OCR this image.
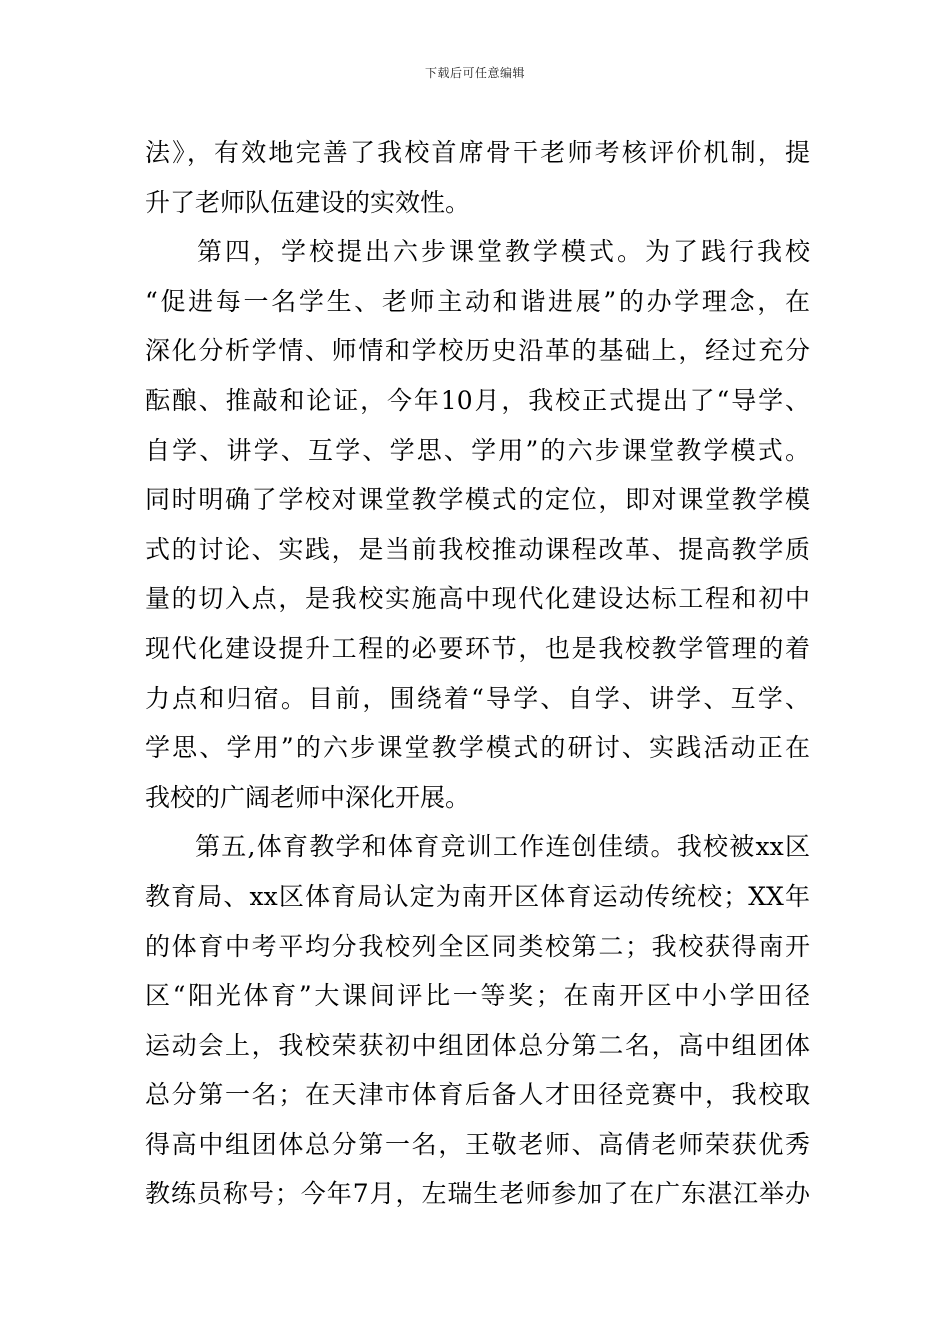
下载后可任意编辑
法》，有效地完善了我校首席骨干老师考核评价机制，提
升了老师队伍建设的实效性。
第四，学校提出六步课堂教学模式。为了践行我校
“促进每一名学生、老师主动和谐进展”的办学理念，在
深化分析学情、师情和学校历史沿革的基础上，经过充分
酝酿、推敲和论证，今年10月，我校正式提出了“导学、
自学、讲学、互学、学思、学用”的六步课堂教学模式。
同时明确了学校对课堂教学模式的定位，即对课堂教学模
式的讨论、实践，是当前我校推动课程改革、提高教学质
量的切入点，是我校实施高中现代化建设达标工程和初中
现代化建设提升工程的必要环节，也是我校教学管理的着
力点和归宿。目前，围绕着“导学、自学、讲学、互学、
学思、学用”的六步课堂教学模式的研讨、实践活动正在
我校的广阔老师中深化开展。
第五,体育教学和体育竞训工作连创佳绩。我校被xx区
教育局、xx区体育局认定为南开区体育运动传统校；XX年
的体育中考平均分我校列全区同类校第二；我校获得南开
区“阳光体育”大课间评比一等奖；在南开区中小学田径
运动会上，我校荣获初中组团体总分第二名，高中组团体
总分第一名；在天津市体育后备人才田径竞赛中，我校取
得高中组团体总分第一名，王敬老师、高倩老师荣获优秀
教练员称号；今年7月，左瑞生老师参加了在广东湛江举办
